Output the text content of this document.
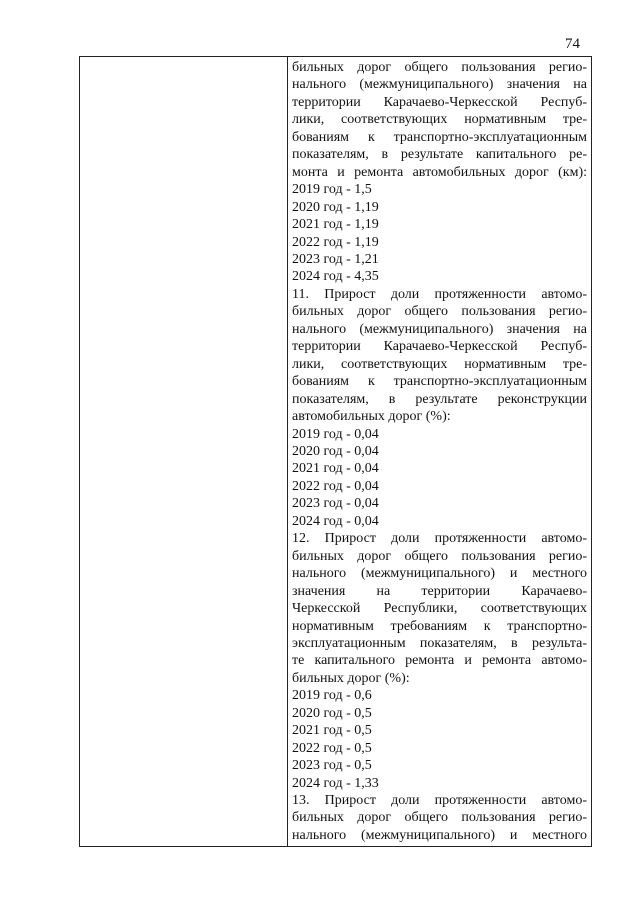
74
бильных дорог общего пользования регио-
нального (межмуниципального) значения на
территории Карачаево-Черкесской Респуб-
лики, соответствующих нормативным тре-
бованиям к транспортно-эксплуатационным
показателям, в результате капитального ре-
монта и ремонта автомобильных дорог (км):
2019 год - 1,5
2020 год - 1,19
2021 год - 1,19
2022 год - 1,19
2023 год - 1,21
2024 год - 4,35
11. Прирост доли протяженности автомо-
бильных дорог общего пользования регио-
нального (межмуниципального) значения на
территории Карачаево-Черкесской Респуб-
лики, соответствующих нормативным тре-
бованиям к транспортно-эксплуатационным
показателям, в результате реконструкции
автомобильных дорог (%):
2019 год - 0,04
2020 год - 0,04
2021 год - 0,04
2022 год - 0,04
2023 год - 0,04
2024 год - 0,04
12. Прирост доли протяженности автомо-
бильных дорог общего пользования регио-
нального (межмуниципального) и местного
значения на территории Карачаево-
Черкесской Республики, соответствующих
нормативным требованиям к транспортно-
эксплуатационным показателям, в результа-
те капитального ремонта и ремонта автомо-
бильных дорог (%):
2019 год - 0,6
2020 год - 0,5
2021 год - 0,5
2022 год - 0,5
2023 год - 0,5
2024 год - 1,33
13. Прирост доли протяженности автомо-
бильных дорог общего пользования регио-
нального (межмуниципального) и местного
